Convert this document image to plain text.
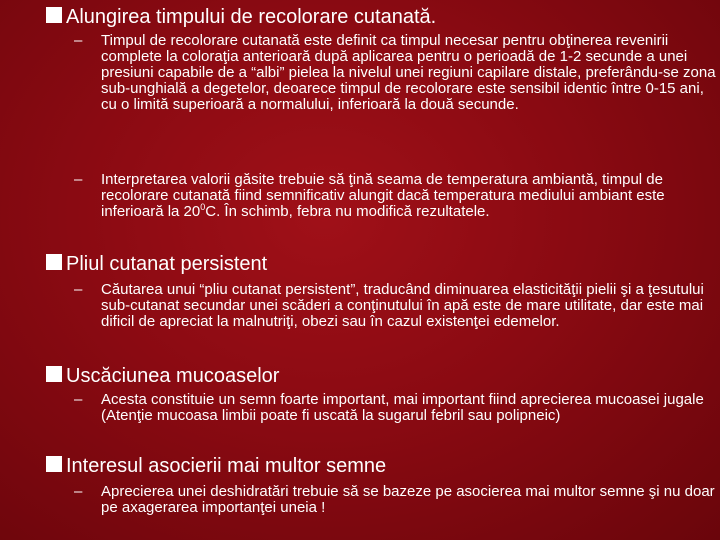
Alungirea timpului de recolorare cutanată.
– Timpul de recolorare cutanată este definit ca timpul necesar pentru obţinerea revenirii complete la coloraţia anterioară după aplicarea pentru o perioadă de 1-2 secunde a unei presiuni capabile de a “albi” pielea la nivelul unei regiuni capilare distale, preferându-se zona sub-unghială a degetelor, deoarece timpul de recolorare este sensibil identic între 0-15 ani, cu o limită superioară a normalului, inferioară la două secunde.
– Interpretarea valorii găsite trebuie să ţină seama de temperatura ambiantă, timpul de recolorare cutanată fiind semnificativ alungit dacă temperatura mediului ambiant este inferioară la $20^0C$. În schimb, febra nu modifică rezultatele.
Pliul cutanat persistent
– Căutarea unui “pliu cutanat persistent”, traducând diminuarea elasticităţii pielii şi a ţesutului sub-cutanat secundar unei scăderi a conţinutului în apă este de mare utilitate, dar este mai dificil de apreciat la malnutriţi, obezi sau în cazul existenţei edemelor.
Uscăciunea mucoaselor
– Acesta constituie un semn foarte important, mai important fiind aprecierea mucoasei jugale (Atenţie mucoasa limbii poate fi uscată la sugarul febril sau polipneic)
Interesul asocierii mai multor semne
– Aprecierea unei deshidratări trebuie să se bazeze pe asocierea mai multor semne şi nu doar pe axagerarea importanţei uneia !
